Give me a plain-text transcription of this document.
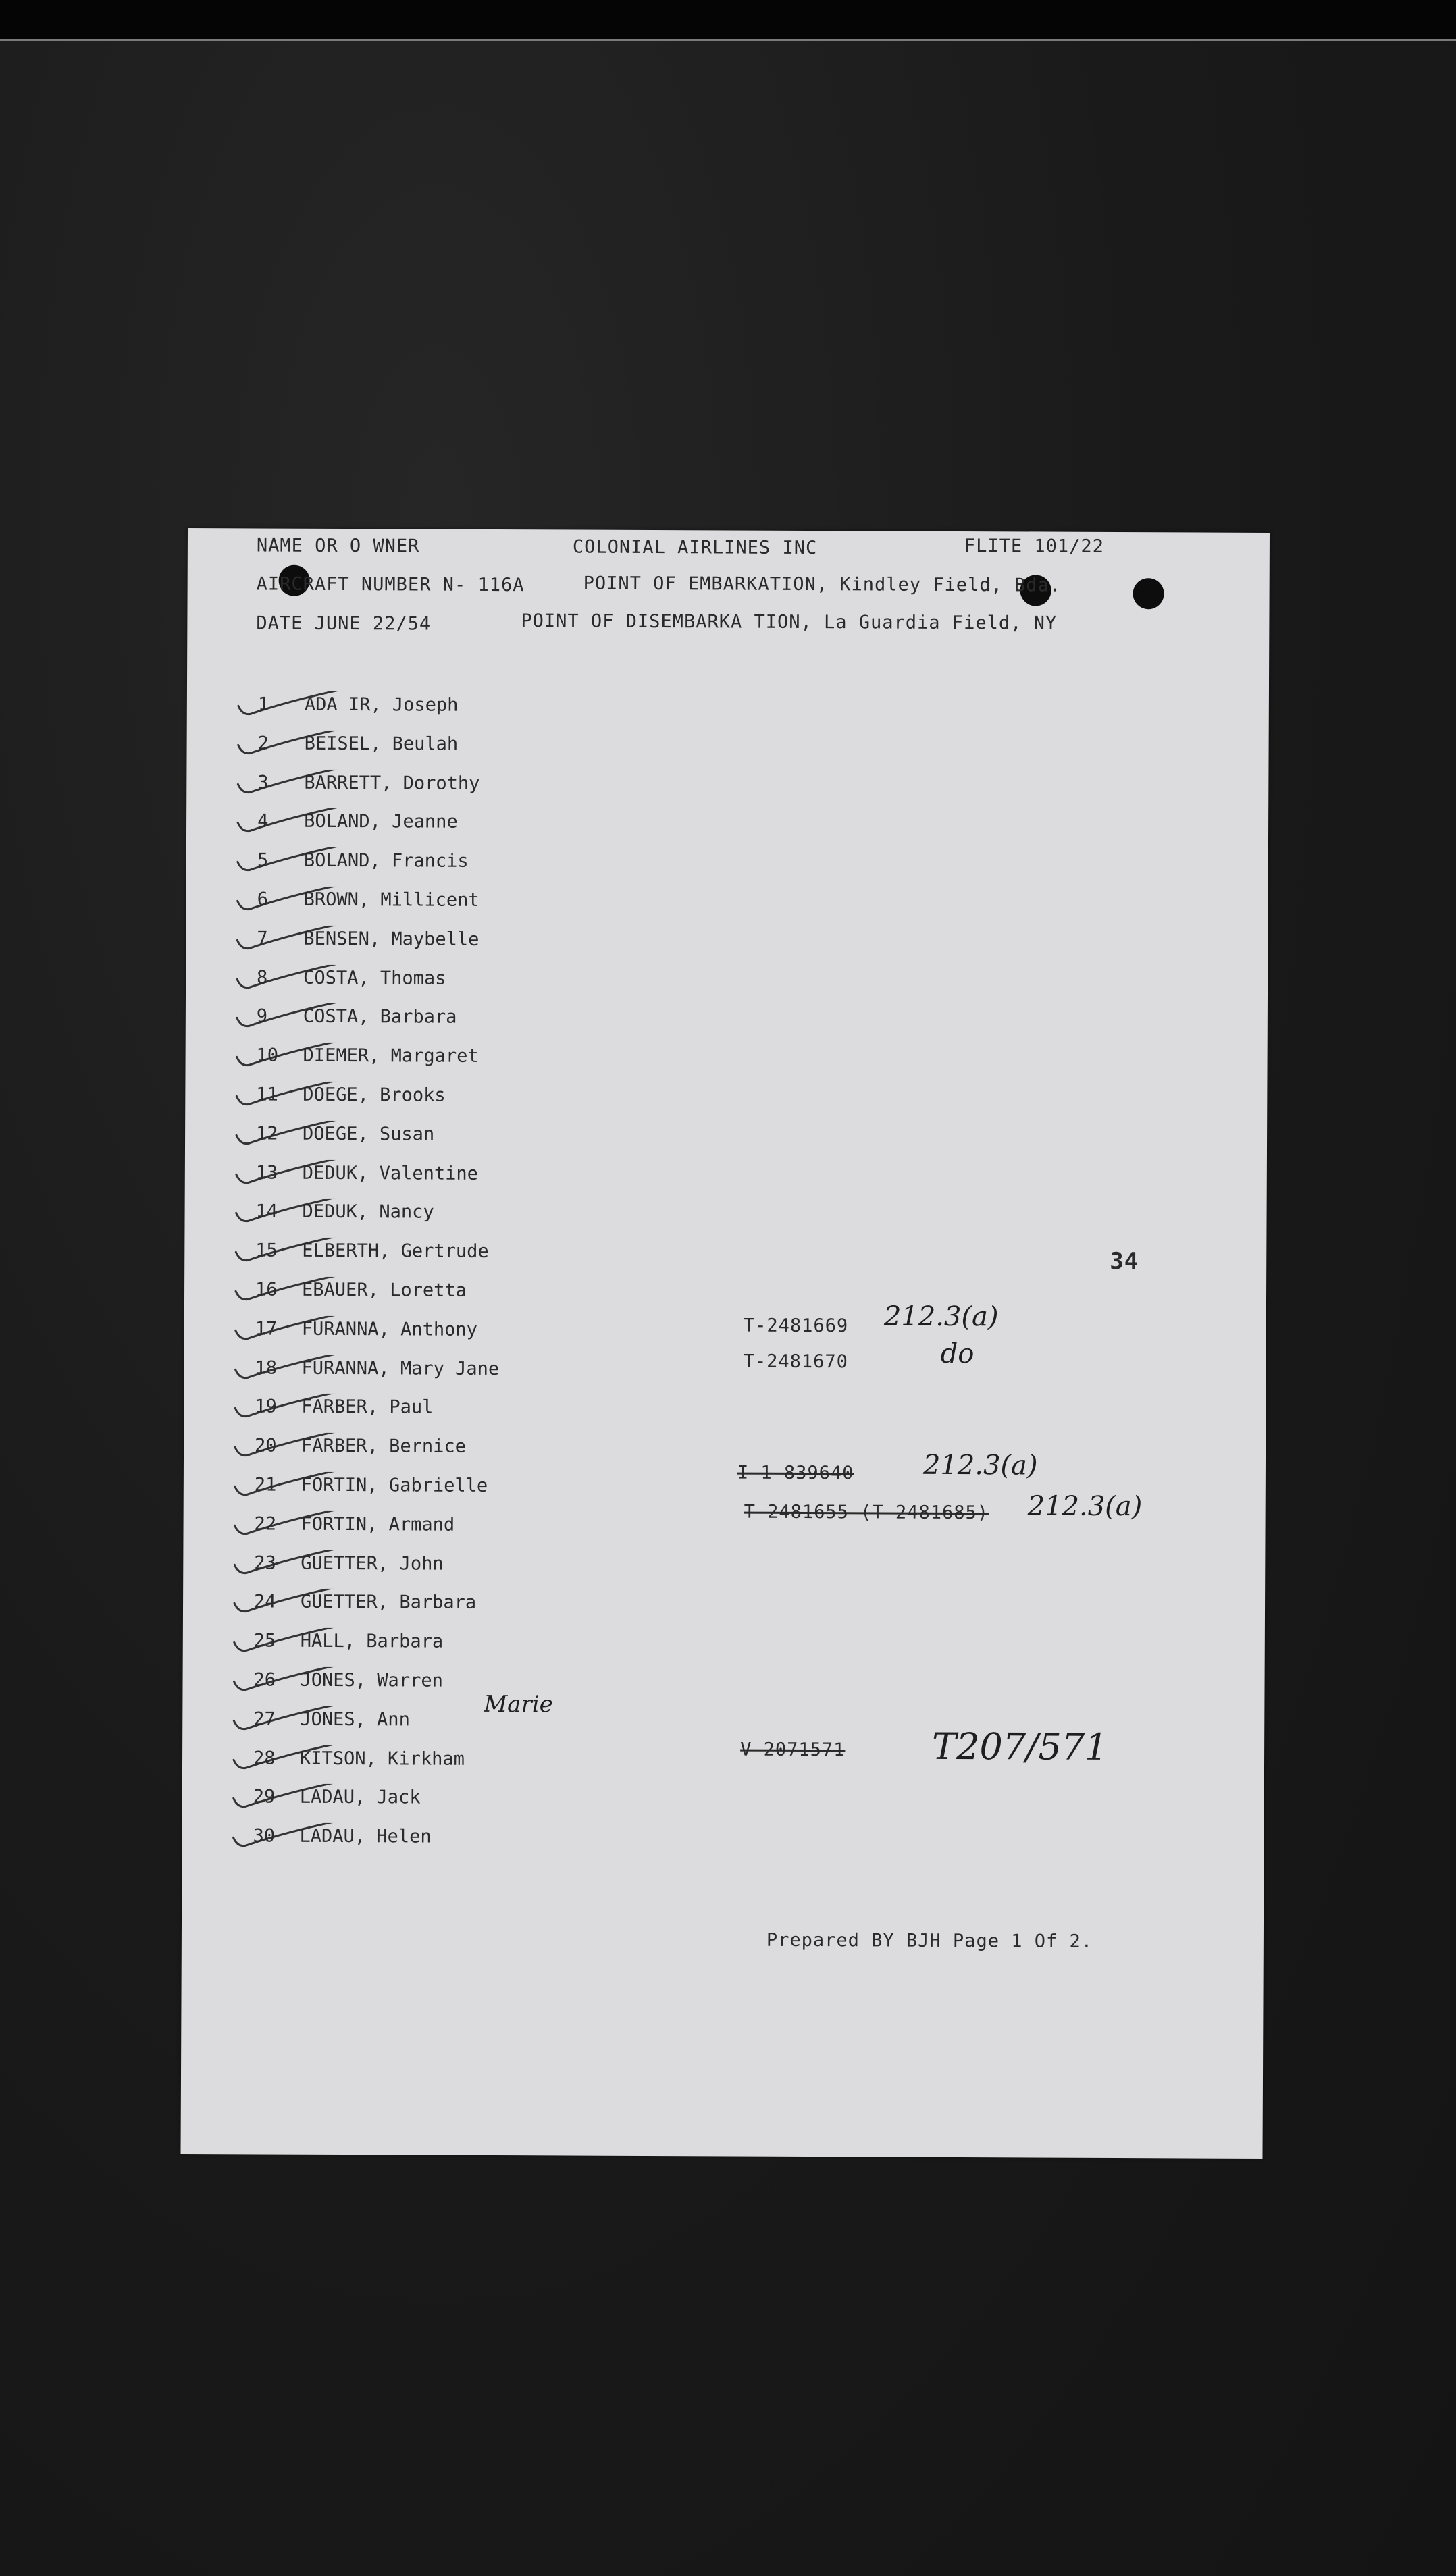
NAME OR O WNER	COLONIAL AIRLINES INC	FLITE 101/22
AIRCRAFT NUMBER N- 116A	POINT OF EMBARKATION, Kindley Field, Bda.
DATE JUNE 22/54	POINT OF DISEMBARKA TION, La Guardia Field, NY
1 ADA IR, Joseph
2 BEISEL, Beulah
3 BARRETT, Dorothy
4 BOLAND, Jeanne
5 BOLAND, Francis
6 BROWN, Millicent
7 BENSEN, Maybelle
8 COSTA, Thomas
9 COSTA, Barbara
10 DIEMER, Margaret
11 DOEGE, Brooks
12 DOEGE, Susan
13 DEDUK, Valentine
14 DEDUK, Nancy
15 ELBERTH, Gertrude
16 EBAUER, Loretta
17 FURANNA, Anthony
18 FURANNA, Mary Jane
19 FARBER, Paul
20 FARBER, Bernice
21 FORTIN, Gabrielle
22 FORTIN, Armand
23 GUETTER, John
24 GUETTER, Barbara
25 HALL, Barbara
26 JONES, Warren
27 JONES, Ann
28 KITSON, Kirkham
29 LADAU, Jack
30 LADAU, Helen
34
T-2481669 212.3(a)
T-2481670	do
I-1-839640	212.3(a)
T-2481655 (T-2481685) 212.3(a)
Marie
V-2071571 T207/571
Prepared BY BJH Page 1 Of 2.
